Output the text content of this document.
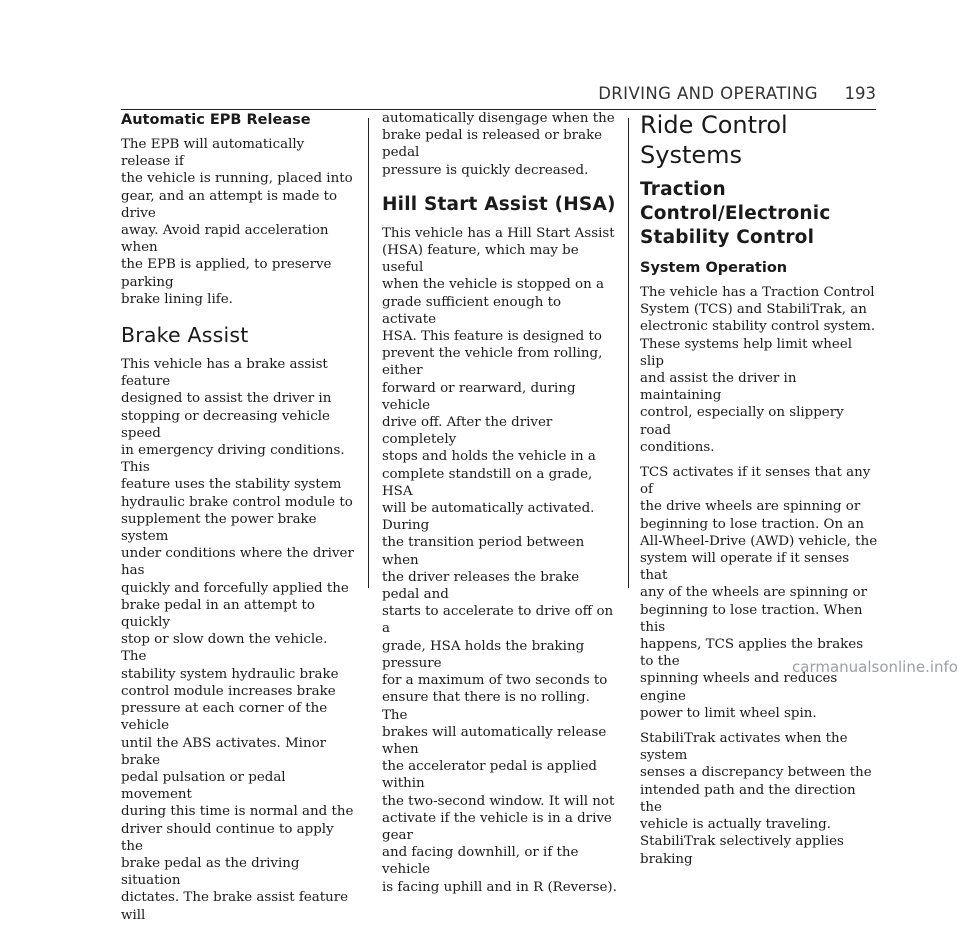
DRIVING AND OPERATING 193
Automatic EPB Release

The EPB will automatically release if
the vehicle is running, placed into
gear, and an attempt is made to drive
away. Avoid rapid acceleration when
the EPB is applied, to preserve parking
brake lining life.

Brake Assist

This vehicle has a brake assist feature
designed to assist the driver in
stopping or decreasing vehicle speed
in emergency driving conditions. This
feature uses the stability system
hydraulic brake control module to
supplement the power brake system
under conditions where the driver has
quickly and forcefully applied the
brake pedal in an attempt to quickly
stop or slow down the vehicle. The
stability system hydraulic brake
control module increases brake
pressure at each corner of the vehicle
until the ABS activates. Minor brake
pedal pulsation or pedal movement
during this time is normal and the
driver should continue to apply the
brake pedal as the driving situation
dictates. The brake assist feature will

automatically disengage when the
brake pedal is released or brake pedal
pressure is quickly decreased.

Hill Start Assist (HSA)

This vehicle has a Hill Start Assist
(HSA) feature, which may be useful
when the vehicle is stopped on a
grade sufficient enough to activate
HSA. This feature is designed to
prevent the vehicle from rolling, either
forward or rearward, during vehicle
drive off. After the driver completely
stops and holds the vehicle in a
complete standstill on a grade, HSA
will be automatically activated. During
the transition period between when
the driver releases the brake pedal and
starts to accelerate to drive off on a
grade, HSA holds the braking pressure
for a maximum of two seconds to
ensure that there is no rolling. The
brakes will automatically release when
the accelerator pedal is applied within
the two-second window. It will not
activate if the vehicle is in a drive gear
and facing downhill, or if the vehicle
is facing uphill and in R (Reverse).

Ride Control Systems
Traction Control/Electronic
Stability Control
System Operation

The vehicle has a Traction Control
System (TCS) and StabiliTrak, an
electronic stability control system.
These systems help limit wheel slip
and assist the driver in maintaining
control, especially on slippery road
conditions.

TCS activates if it senses that any of
the drive wheels are spinning or
beginning to lose traction. On an
All-Wheel-Drive (AWD) vehicle, the
system will operate if it senses that
any of the wheels are spinning or
beginning to lose traction. When this
happens, TCS applies the brakes to the
spinning wheels and reduces engine
power to limit wheel spin.

StabiliTrak activates when the system
senses a discrepancy between the
intended path and the direction the
vehicle is actually traveling.
StabiliTrak selectively applies braking

carmanualsonline.info
